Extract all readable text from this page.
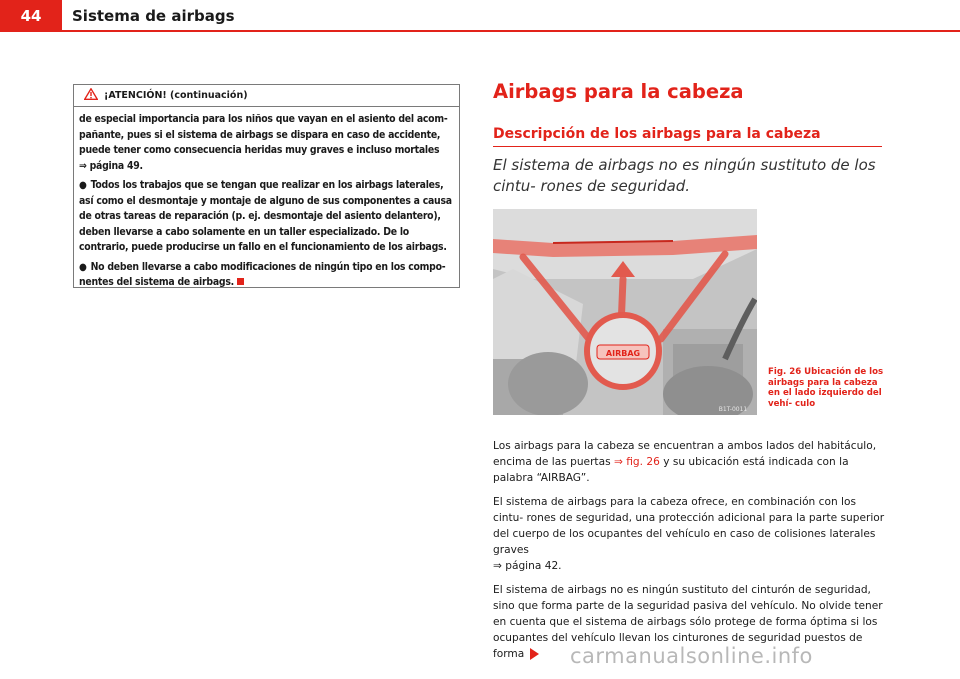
44	Sistema de airbags
¡ATENCIÓN! (continuación)

de especial importancia para los niños que vayan en el asiento del acom- pañante, pues si el sistema de airbags se dispara en caso de accidente, puede tener como consecuencia heridas muy graves e incluso mortales
⇒ página 49.

● Todos los trabajos que se tengan que realizar en los airbags laterales, así como el desmontaje y montaje de alguno de sus componentes a causa de otras tareas de reparación (p. ej. desmontaje del asiento delantero), deben llevarse a cabo solamente en un taller especializado. De lo contrario, puede producirse un fallo en el funcionamiento de los airbags.

● No deben llevarse a cabo modificaciones de ningún tipo en los compo- nentes del sistema de airbags.

Airbags para la cabeza
Descripción de los airbags para la cabeza
El sistema de airbags no es ningún sustituto de los cintu- rones de seguridad.
AIRBAG
B1T-0011
Fig. 26 Ubicación de los airbags para la cabeza en el lado izquierdo del vehí- culo

Los airbags para la cabeza se encuentran a ambos lados del habitáculo, encima de las puertas ⇒ fig. 26 y su ubicación está indicada con la palabra “AIRBAG”.

El sistema de airbags para la cabeza ofrece, en combinación con los cintu- rones de seguridad, una protección adicional para la parte superior del cuerpo de los ocupantes del vehículo en caso de colisiones laterales graves
⇒ página 42.

El sistema de airbags no es ningún sustituto del cinturón de seguridad, sino que forma parte de la seguridad pasiva del vehículo. No olvide tener en cuenta que el sistema de airbags sólo protege de forma óptima si los ocupantes del vehículo llevan los cinturones de seguridad puestos de forma	carmanualsonline.info
